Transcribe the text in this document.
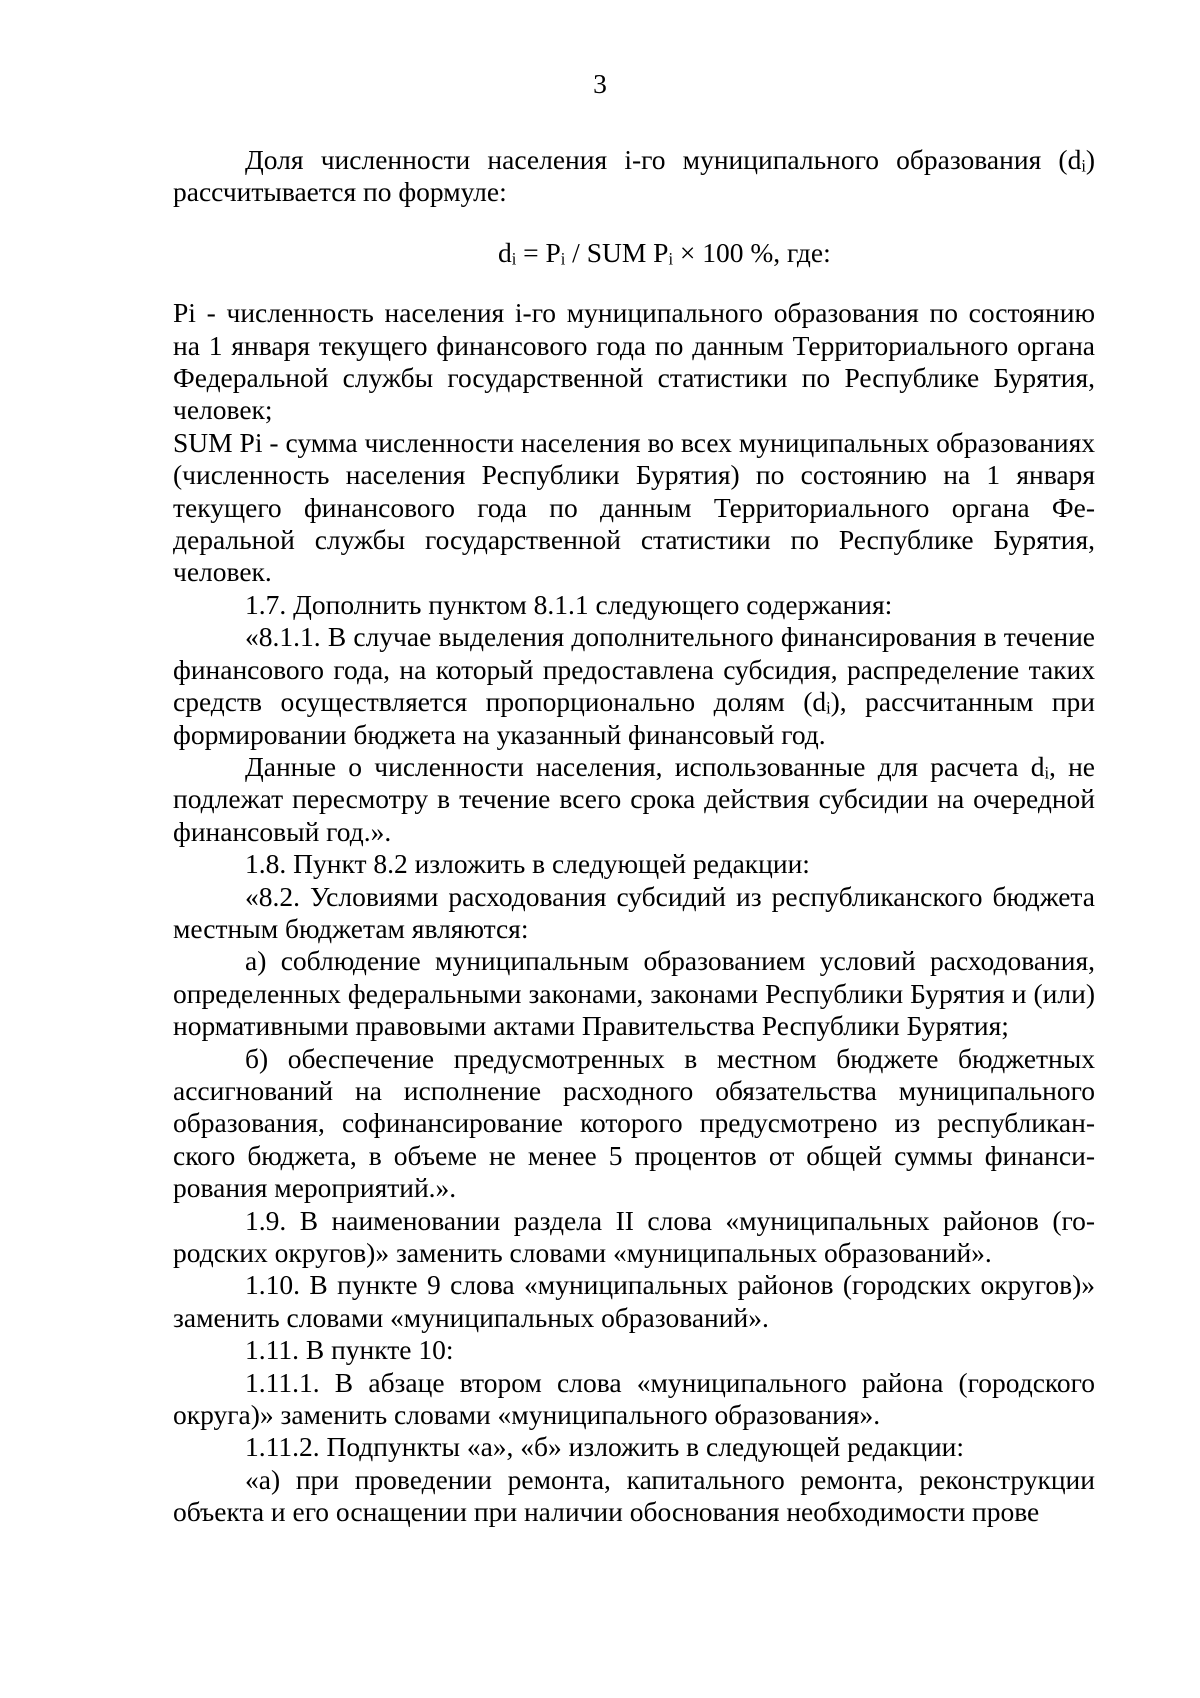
3

Доля численности населения i-го муниципального образования (dᵢ) рассчитывается по формуле:

dᵢ = Pᵢ / SUM Pᵢ × 100 %, где:

Pi - численность населения i-го муниципального образования по состоянию на 1 января текущего финансового года по данным Территориального органа Федеральной службы государственной статистики по Республике Бурятия, человек;

SUM Pi - сумма численности населения во всех муниципальных образованиях (численность населения Республики Бурятия) по состоянию на 1 января текущего финансового года по данным Территориального органа Федеральной службы государственной статистики по Республике Бурятия, человек.

1.7. Дополнить пунктом 8.1.1 следующего содержания:

«8.1.1. В случае выделения дополнительного финансирования в течение финансового года, на который предоставлена субсидия, распределение таких средств осуществляется пропорционально долям (dᵢ), рассчитанным при формировании бюджета на указанный финансовый год.

Данные о численности населения, использованные для расчета dᵢ, не подлежат пересмотру в течение всего срока действия субсидии на очередной финансовый год.».

1.8. Пункт 8.2 изложить в следующей редакции:

«8.2. Условиями расходования субсидий из республиканского бюджета местным бюджетам являются:

а) соблюдение муниципальным образованием условий расходования, определенных федеральными законами, законами Республики Бурятия и (или) нормативными правовыми актами Правительства Республики Бурятия;

б) обеспечение предусмотренных в местном бюджете бюджетных ассигнований на исполнение расходного обязательства муниципального образования, софинансирование которого предусмотрено из республиканского бюджета, в объеме не менее 5 процентов от общей суммы финансирования мероприятий.».

1.9. В наименовании раздела II слова «муниципальных районов (городских округов)» заменить словами «муниципальных образований».

1.10. В пункте 9 слова «муниципальных районов (городских округов)» заменить словами «муниципальных образований».

1.11. В пункте 10:

1.11.1. В абзаце втором слова «муниципального района (городского округа)» заменить словами «муниципального образования».

1.11.2. Подпункты «а», «б» изложить в следующей редакции:

«а) при проведении ремонта, капитального ремонта, реконструкции объекта и его оснащении при наличии обоснования необходимости прове
